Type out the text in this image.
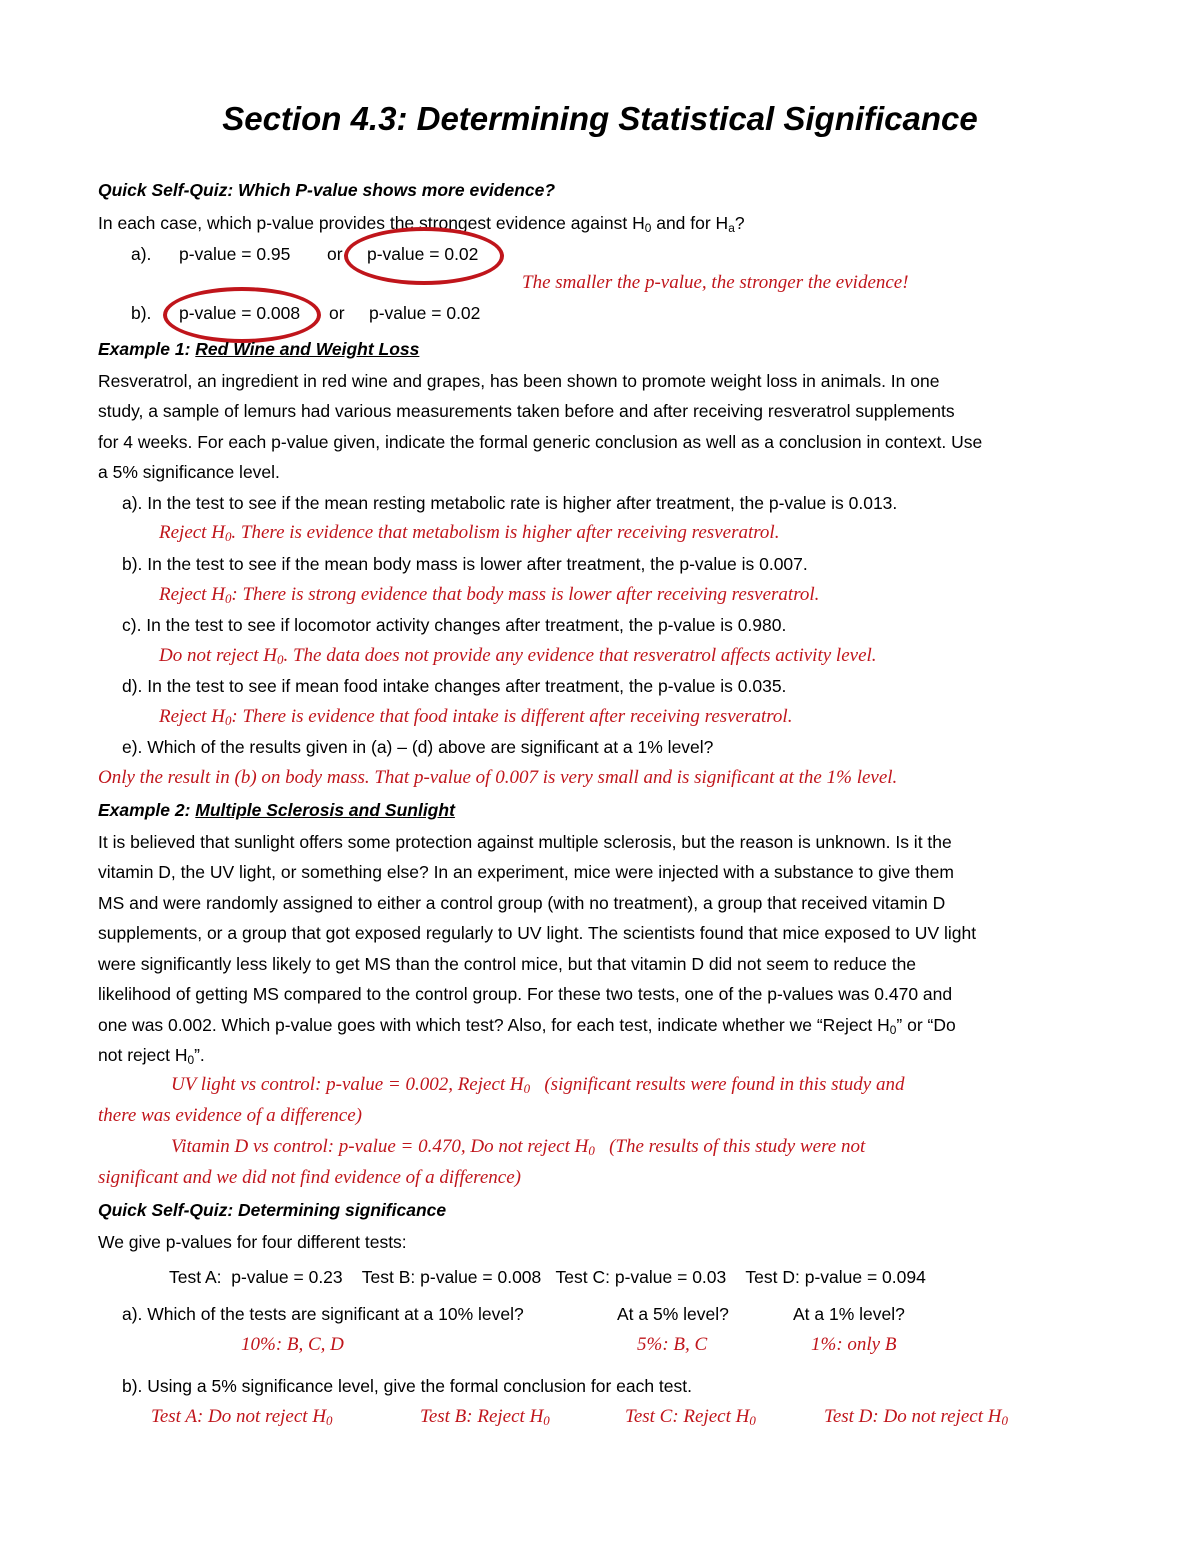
Section 4.3: Determining Statistical Significance
Quick Self-Quiz: Which P-value shows more evidence?
In each case, which p-value provides the strongest evidence against $H_0$ and for $H_a$?
a). p-value = 0.95 or p-value = 0.02
The smaller the p-value, the stronger the evidence!
b). p-value = 0.008 or p-value = 0.02
Example 1: Red Wine and Weight Loss
Resveratrol, an ingredient in red wine and grapes, has been shown to promote weight loss in animals. In one
study, a sample of lemurs had various measurements taken before and after receiving resveratrol supplements
for 4 weeks. For each p-value given, indicate the formal generic conclusion as well as a conclusion in context. Use
a 5% significance level.
a). In the test to see if the mean resting metabolic rate is higher after treatment, the p-value is 0.013.
Reject $H_0$. There is evidence that metabolism is higher after receiving resveratrol.
b). In the test to see if the mean body mass is lower after treatment, the p-value is 0.007.
Reject $H_0$: There is strong evidence that body mass is lower after receiving resveratrol.
c). In the test to see if locomotor activity changes after treatment, the p-value is 0.980.
Do not reject $H_0$. The data does not provide any evidence that resveratrol affects activity level.
d). In the test to see if mean food intake changes after treatment, the p-value is 0.035.
Reject $H_0$: There is evidence that food intake is different after receiving resveratrol.
e). Which of the results given in (a) – (d) above are significant at a 1% level?
Only the result in (b) on body mass. That p-value of 0.007 is very small and is significant at the 1% level.
Example 2: Multiple Sclerosis and Sunlight
It is believed that sunlight offers some protection against multiple sclerosis, but the reason is unknown. Is it the
vitamin D, the UV light, or something else? In an experiment, mice were injected with a substance to give them
MS and were randomly assigned to either a control group (with no treatment), a group that received vitamin D
supplements, or a group that got exposed regularly to UV light. The scientists found that mice exposed to UV light
were significantly less likely to get MS than the control mice, but that vitamin D did not seem to reduce the
likelihood of getting MS compared to the control group. For these two tests, one of the p-values was 0.470 and
one was 0.002. Which p-value goes with which test? Also, for each test, indicate whether we “Reject $H_0$” or “Do
not reject $H_0$”.
UV light vs control: p-value = 0.002, Reject $H_0$   (significant results were found in this study and
there was evidence of a difference)
Vitamin D vs control: p-value = 0.470, Do not reject $H_0$   (The results of this study were not
significant and we did not find evidence of a difference)
Quick Self-Quiz: Determining significance
We give p-values for four different tests:
Test A:  p-value = 0.23    Test B: p-value = 0.008   Test C: p-value = 0.03    Test D: p-value = 0.094
a). Which of the tests are significant at a 10% level?	At a 5% level?	At a 1% level?
10%: B, C, D	5%: B, C	1%: only B
b). Using a 5% significance level, give the formal conclusion for each test.
Test A: Do not reject $H_0$	Test B: Reject $H_0$	Test C: Reject $H_0$	Test D: Do not reject $H_0$
